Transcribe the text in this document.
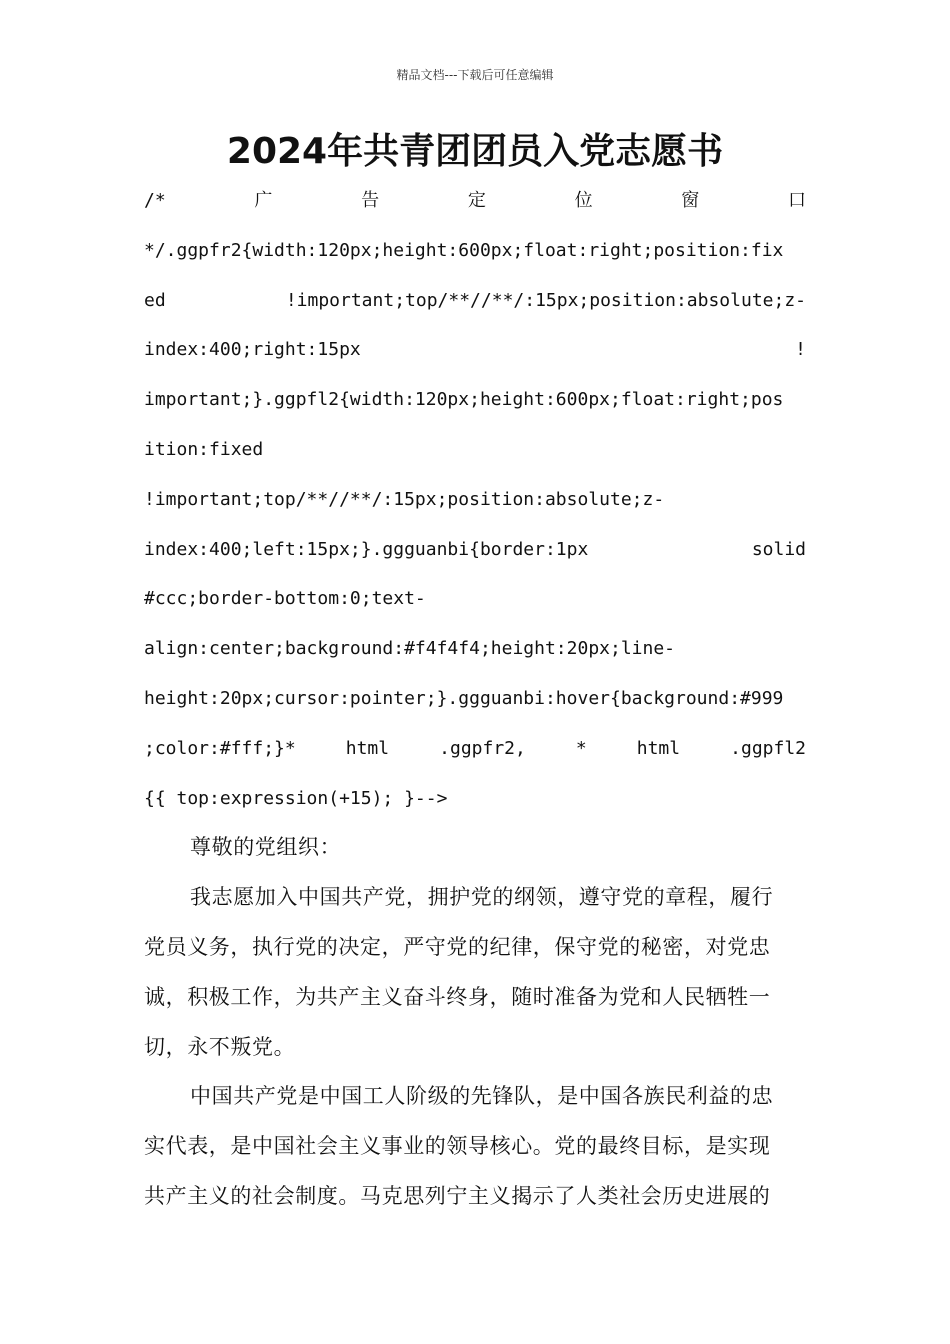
精品文档---下载后可任意编辑
2024年共青团团员入党志愿书
/*	广	告	定	位	窗	口
*/.ggpfr2{width:120px;height:600px;float:right;position:fix
ed	!important;top/**//**/:15px;position:absolute;z-
index:400;right:15px	!
important;}.ggpfl2{width:120px;height:600px;float:right;pos
ition:fixed
!important;top/**//**/:15px;position:absolute;z-
index:400;left:15px;}.ggguanbi{border:1px	solid
#ccc;border-bottom:0;text-
align:center;background:#f4f4f4;height:20px;line-
height:20px;cursor:pointer;}.ggguanbi:hover{background:#999
;color:#fff;}*	html	.ggpfr2,	*	html	.ggpfl2
{{ top:expression(+15); }-->
尊敬的党组织：
我志愿加入中国共产党，拥护党的纲领，遵守党的章程，履行
党员义务，执行党的决定，严守党的纪律，保守党的秘密，对党忠
诚，积极工作，为共产主义奋斗终身，随时准备为党和人民牺牲一
切，永不叛党。
中国共产党是中国工人阶级的先锋队，是中国各族民利益的忠
实代表，是中国社会主义事业的领导核心。党的最终目标，是实现
共产主义的社会制度。马克思列宁主义揭示了人类社会历史进展的
